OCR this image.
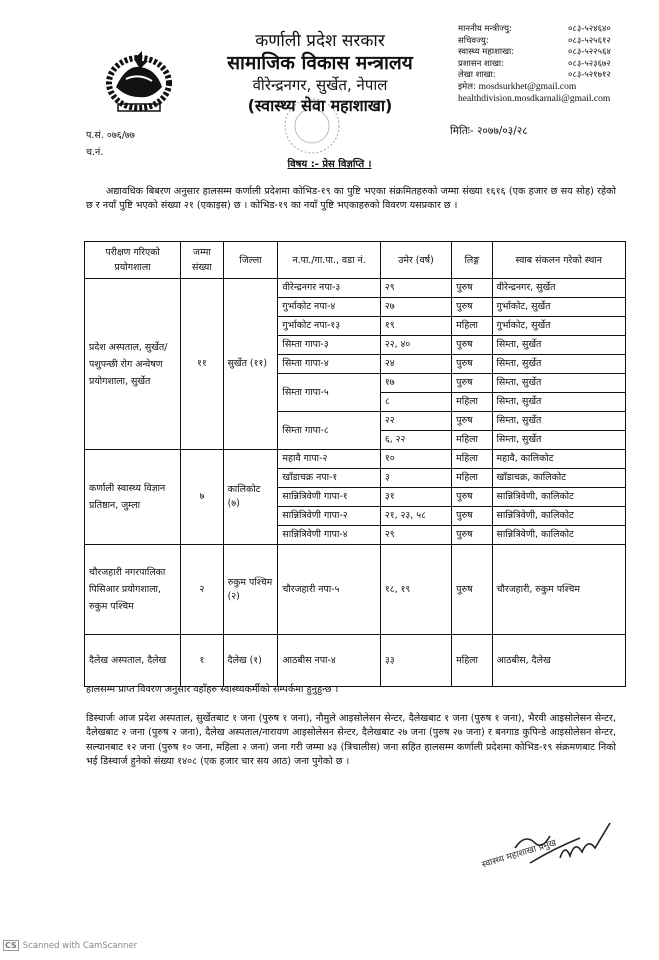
कर्णाली प्रदेश सरकार
सामाजिक विकास मन्त्रालय
वीरेन्द्रनगर, सुर्खेत, नेपाल
(स्वास्थ्य सेवा महाशाखा)
माननीय मन्त्रीज्यु:	०८३-५२४६४०
सचिवज्यु:	०८३-५२५६१२
स्वास्थ्य महाशाखा:	०८३-५२२५६४
प्रशासन शाखा:	०८३-५२३६७२
लेखा शाखा:	०८३-५२१७१२
इमेल:
mosdsurkhet@gmail.com
healthdivision.mosdkarnali@gmail.com
प.सं. ०७६/७७
च.नं.
मितिः- २०७७/०३/२८
विषय :- प्रेस विज्ञप्ति ।
अद्यावधिक बिबरण अनुसार हालसम्म कर्णाली प्रदेशमा कोभिड-१९ का पुष्टि भएका संक्रमितहरुको जम्मा संख्या १६१६ (एक हजार छ सय सोह) रहेको छ र नयाँ पुष्टि भएको संख्या २१ (एकाइस) छ । कोभिड-१९ का नयाँ पुष्टि भएकाहरुको विवरण यसप्रकार छ ।
परीक्षण गरिएको प्रयोगशाला	जम्मा संख्या	जिल्ला	न.पा./गा.पा., वडा नं.	उमेर (वर्ष)	लिङ्ग	स्वाब संकलन गरेको स्थान
प्रदेश अस्पताल, सुर्खेत/ पशुपन्छी रोग अन्वेषण प्रयोगशाला, सुर्खेत	११	सुर्खेत (११)	वीरेन्द्रनगर नपा-३	२९	पुरुष	वीरेन्द्रनगर, सुर्खेत
			गुर्भाकोट नपा-४	२७	पुरुष	गुर्भाकोट, सुर्खेत
			गुर्भाकोट नपा-१३	१९	महिला	गुर्भाकोट, सुर्खेत
			सिम्ता गापा-३	२२, ४०	पुरुष	सिम्ता, सुर्खेत
			सिम्ता गापा-४	२४	पुरुष	सिम्ता, सुर्खेत
			सिम्ता गापा-५	१७	पुरुष	सिम्ता, सुर्खेत
				८	महिला	सिम्ता, सुर्खेत
			सिम्ता गापा-८	२२	पुरुष	सिम्ता, सुर्खेत
				६, २२	महिला	सिम्ता, सुर्खेत
कर्णाली स्वास्थ्य विज्ञान प्रतिष्ठान, जुम्ला	७	कालिकोट (७)	महावै गापा-२	१०	महिला	महावै, कालिकोट
			खाँडाचक्र नपा-१	३	महिला	खाँडाचक्र, कालिकोट
			सान्नित्रिवेणी गापा-१	३१	पुरुष	सान्नित्रिवेणी, कालिकोट
			सान्नित्रिवेणी गापा-२	२१, २३, ५८	पुरुष	सान्नित्रिवेणी, कालिकोट
			सान्नित्रिवेणी गापा-४	२९	पुरुष	सान्नित्रिवेणी, कालिकोट
चौरजहारी नगरपालिका पिसिआर प्रयोगशाला, रुकुम पश्चिम	२	रुकुम पश्चिम (२)	चौरजहारी नपा-५	१८, १९	पुरुष	चौरजहारी, रुकुम पश्चिम
दैलेख अस्पताल, दैलेख	१	दैलेख (१)	आठबीस नपा-४	३३	महिला	आठबीस, दैलेख
हालसम्म प्राप्त विवरण अनुसार वहाँहरु स्वास्थ्यकर्मीको सम्पर्कमा हुनुहुन्छ ।
डिस्चार्जः आज प्रदेश अस्पताल, सुर्खेतबाट १ जना (पुरुष १ जना), नौमुले आइसोलेसन सेन्टर, दैलेखबाट १ जना (पुरुष १ जना), भैरवी आइसोलेसन सेन्टर, दैलेखबाट २ जना (पुरुष २ जना), दैलेख अस्पताल/नारायण आइसोलेसन सेन्टर, दैलेखबाट २७ जना (पुरुष २७ जना) र बनगाड कुपिन्डे आइसोलेसन सेन्टर, सल्यानबाट १२ जना (पुरुष १० जना, महिला २ जना) जना गरी जम्मा ४३ (त्रिचालीस) जना सहित हालसम्म कर्णाली प्रदेशमा कोभिड-१९ संक्रमणबाट निको भई डिस्चार्ज हुनेको संख्या १४०८ (एक हजार चार सय आठ) जना पुगेको छ ।
स्वास्थ्य महाशाखा प्रमुख
CS Scanned with CamScanner
